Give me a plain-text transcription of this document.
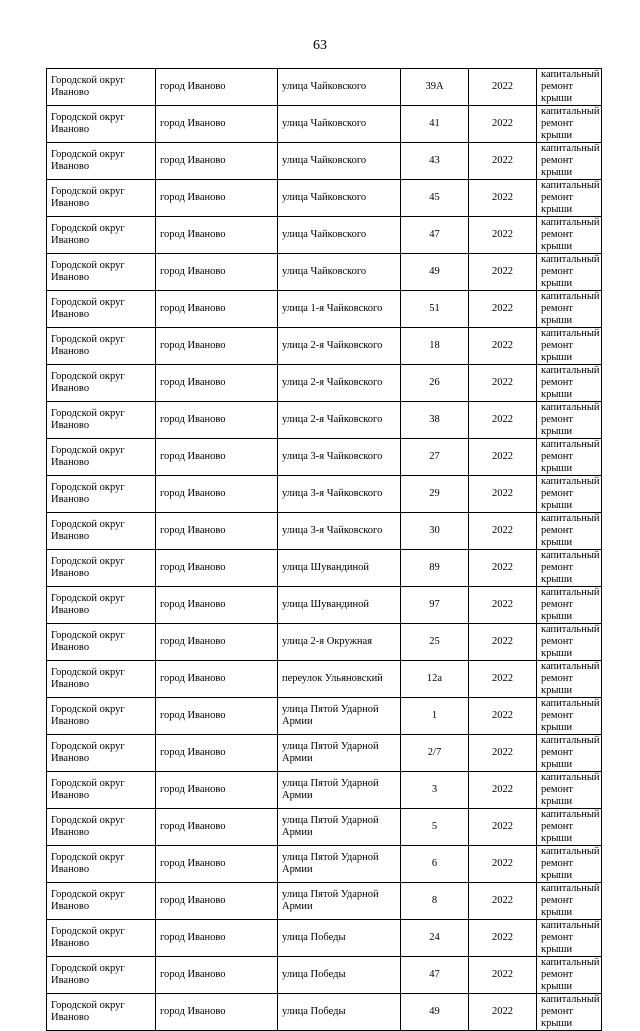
63
Городской округ Иваново	город Иваново	улица Чайковского	39А	2022	капитальный ремонт крыши
Городской округ Иваново	город Иваново	улица Чайковского	41	2022	капитальный ремонт крыши
Городской округ Иваново	город Иваново	улица Чайковского	43	2022	капитальный ремонт крыши
Городской округ Иваново	город Иваново	улица Чайковского	45	2022	капитальный ремонт крыши
Городской округ Иваново	город Иваново	улица Чайковского	47	2022	капитальный ремонт крыши
Городской округ Иваново	город Иваново	улица Чайковского	49	2022	капитальный ремонт крыши
Городской округ Иваново	город Иваново	улица 1-я Чайковского	51	2022	капитальный ремонт крыши
Городской округ Иваново	город Иваново	улица 2-я Чайковского	18	2022	капитальный ремонт крыши
Городской округ Иваново	город Иваново	улица 2-я Чайковского	26	2022	капитальный ремонт крыши
Городской округ Иваново	город Иваново	улица 2-я Чайковского	38	2022	капитальный ремонт крыши
Городской округ Иваново	город Иваново	улица 3-я Чайковского	27	2022	капитальный ремонт крыши
Городской округ Иваново	город Иваново	улица 3-я Чайковского	29	2022	капитальный ремонт крыши
Городской округ Иваново	город Иваново	улица 3-я Чайковского	30	2022	капитальный ремонт крыши
Городской округ Иваново	город Иваново	улица Шувандиной	89	2022	капитальный ремонт крыши
Городской округ Иваново	город Иваново	улица Шувандиной	97	2022	капитальный ремонт крыши
Городской округ Иваново	город Иваново	улица 2-я Окружная	25	2022	капитальный ремонт крыши
Городской округ Иваново	город Иваново	переулок Ульяновский	12а	2022	капитальный ремонт крыши
Городской округ Иваново	город Иваново	улица Пятой Ударной Армии	1	2022	капитальный ремонт крыши
Городской округ Иваново	город Иваново	улица Пятой Ударной Армии	2/7	2022	капитальный ремонт крыши
Городской округ Иваново	город Иваново	улица Пятой Ударной Армии	3	2022	капитальный ремонт крыши
Городской округ Иваново	город Иваново	улица Пятой Ударной Армии	5	2022	капитальный ремонт крыши
Городской округ Иваново	город Иваново	улица Пятой Ударной Армии	6	2022	капитальный ремонт крыши
Городской округ Иваново	город Иваново	улица Пятой Ударной Армии	8	2022	капитальный ремонт крыши
Городской округ Иваново	город Иваново	улица Победы	24	2022	капитальный ремонт крыши
Городской округ Иваново	город Иваново	улица Победы	47	2022	капитальный ремонт крыши
Городской округ Иваново	город Иваново	улица Победы	49	2022	капитальный ремонт крыши
